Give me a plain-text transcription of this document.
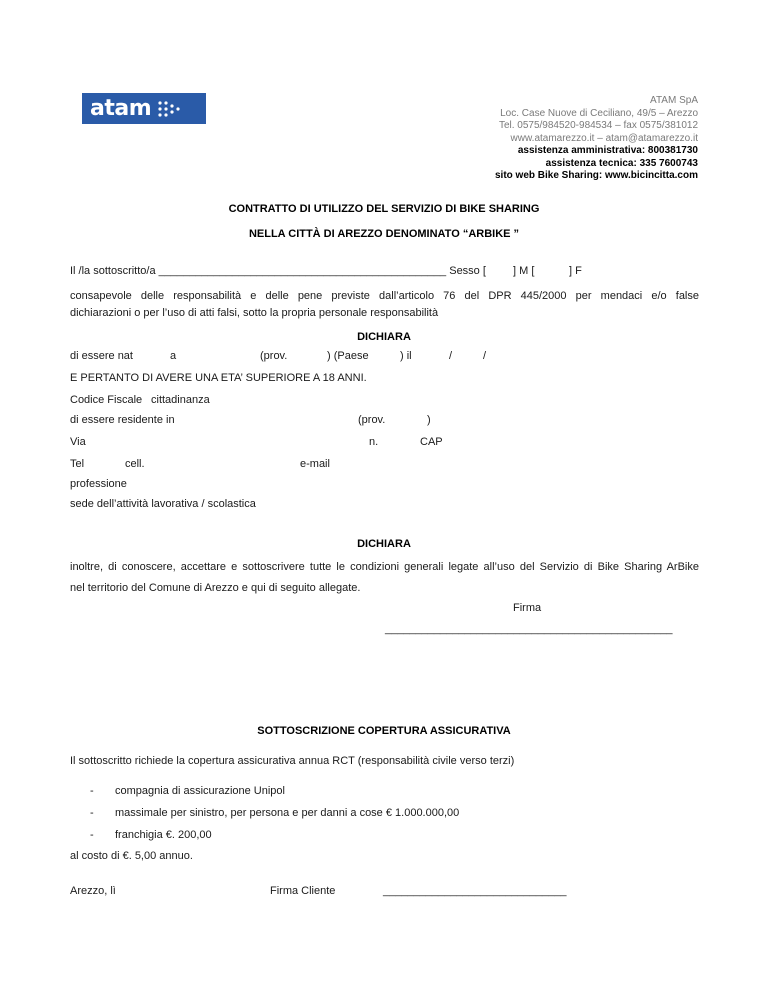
atam	ATAM SpA
Loc. Case Nuove di Ceciliano, 49/5 – Arezzo
Tel. 0575/984520-984534 – fax 0575/381012
www.atamarezzo.it – atam@atamarezzo.it
assistenza amministrativa: 800381730
assistenza tecnica: 335 7600743
sito web Bike Sharing: www.bicincitta.com
CONTRATTO DI UTILIZZO DEL SERVIZIO DI BIKE SHARING
NELLA CITTÀ DI AREZZO DENOMINATO “ARBIKE ”
Il /la sottoscritto/a _______________________________________________ Sesso [ ] M [	] F
consapevole delle responsabilità e delle pene previste dall’articolo 76 del DPR 445/2000 per mendaci e/o false
dichiarazioni o per l’uso di atti falsi, sotto la propria personale responsabilità
DICHIARA
di essere nat	a	(prov.	) (Paese	) il	/	/
E PERTANTO DI AVERE UNA ETA’ SUPERIORE A 18 ANNI.
Codice Fiscale cittadinanza
di essere residente in	(prov.	)
Via	n.	CAP
Tel	cell.	e-mail
professione
sede dell’attività lavorativa / scolastica
DICHIARA
inoltre, di conoscere, accettare e sottoscrivere tutte le condizioni generali legate all’uso del Servizio di Bike Sharing ArBike
nel territorio del Comune di Arezzo e qui di seguito allegate.
Firma
_______________________________________________
SOTTOSCRIZIONE COPERTURA ASSICURATIVA
Il sottoscritto richiede la copertura assicurativa annua RCT (responsabilità civile verso terzi)
- compagnia di assicurazione Unipol
- massimale per sinistro, per persona e per danni a cose € 1.000.000,00
- franchigia €. 200,00
al costo di €. 5,00 annuo.
Arezzo, lì	Firma Cliente	______________________________
